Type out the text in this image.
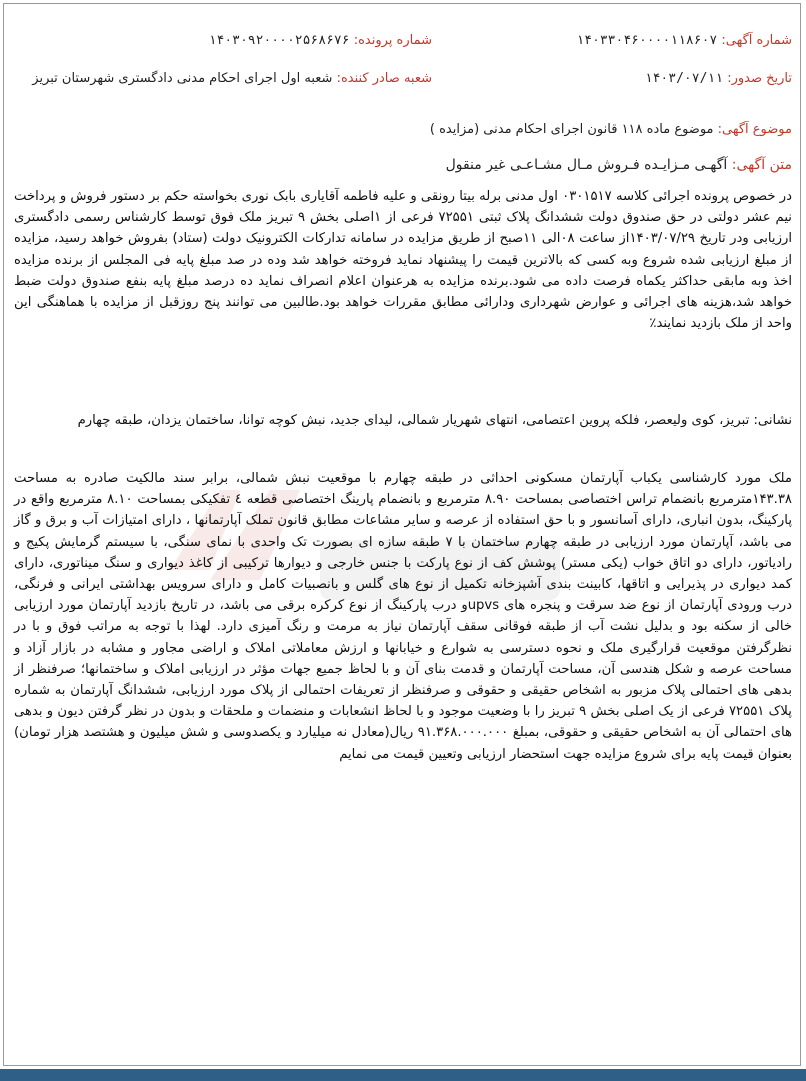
شماره آگهی: ۱۴۰۳۳۰۴۶۰۰۰۰۱۱۸۶۰۷
شماره پرونده: ۱۴۰۳۰۹۲۰۰۰۰۲۵۶۸۶۷۶
تاریخ صدور: ۱۴۰۳/۰۷/۱۱
شعبه صادر کننده: شعبه اول اجرای احکام مدنی دادگستری شهرستان تبریز
موضوع آگهی: موضوع ماده ۱۱۸ قانون اجرای احکام مدنی (مزایده )
متن آگهی: آگهـی مـزایـده فـروش مـال مشـاعـی غیر منقول
در خصوص پرونده اجرائی کلاسه ۰۳۰۱۵۱۷ اول مدنی برله بیتا رونقی و علیه فاطمه آقایاری بابک نوری بخواسته حکم بر دستور فروش و پرداخت نیم عشر دولتی در حق صندوق دولت ششدانگ پلاک ثبتی ۷۲۵۵۱ فرعی از ۱اصلی بخش ۹ تبریز ملک فوق توسط کارشناس رسمی دادگستری ارزیابی ودر تاریخ ۱۴۰۳/۰۷/۲۹از ساعت ۰۸الی ۱۱صبح از طریق مزایده در سامانه تدارکات الکترونیک دولت (ستاد) بفروش خواهد رسید، مزایده از مبلغ ارزیابی شده شروع وبه کسی که بالاترین قیمت را پیشنهاد نماید فروخته خواهد شد وده در صد مبلغ پایه فی المجلس از برنده مزایده اخذ وبه مابقی حداکثر یکماه فرصت داده می شود.برنده مزایده به هرعنوان اعلام انصراف نماید ده درصد مبلغ پایه بنفع صندوق دولت ضبط خواهد شد،هزینه های اجرائی و عوارض شهرداری ودارائی مطابق مقررات خواهد بود.طالبین می توانند پنج روزقبل از مزایده با هماهنگی این واحد از ملک بازدید نمایند٪
نشانی: تبریز، کوی ولیعصر، فلکه پروین اعتصامی، انتهای شهریار شمالی، لیدای جدید، نبش کوچه توانا، ساختمان یزدان، طبقه چهارم
ملک مورد کارشناسی یکباب آپارتمان مسکونی احداثی در طبقه چهارم با موقعیت نبش شمالی، برابر سند مالکیت صادره به مساحت ۱۴۳.۳۸مترمربع بانضمام تراس اختصاصی بمساحت ۸.۹۰ مترمربع و بانضمام پارینگ اختصاصی قطعه ٤ تفکیکی بمساحت ۸.۱۰ مترمربع واقع در پارکینگ، بدون انباری، دارای آسانسور و با حق استفاده از عرصه و سایر مشاعات مطابق قانون تملک آپارتمانها ، دارای امتیازات آب و برق و گاز می باشد، آپارتمان مورد ارزیابی در طبقه چهارم ساختمان با ۷ طبقه سازه ای بصورت تک واحدی با نمای سنگی، با سیستم گرمایش پکیج و رادیاتور، دارای دو اتاق خواب (یکی مستر) پوشش کف از نوع پارکت با جنس خارجی و دیوارها ترکیبی از کاغذ دیواری و سنگ میناتوری، دارای کمد دیواری در پذیرایی و اتاقها، کابینت بندی آشپزخانه تکمیل از نوع های گلس و بانصبیات کامل و دارای سرویس بهداشتی ایرانی و فرنگی، درب ورودی آپارتمان از نوع ضد سرقت و پنجره های upvsو درب پارکینگ از نوع کرکره برقی می باشد، در تاریخ بازدید آپارتمان مورد ارزیابی خالی از سکنه بود و بدلیل نشت آب از طبقه فوقانی سقف آپارتمان نیاز به مرمت و رنگ آمیزی دارد. لهذا با توجه به مراتب فوق و با در نظرگرفتن موقعیت قرارگیری ملک و نحوه دسترسی به شوارع و خیابانها و ارزش معاملاتی املاک و اراضی مجاور و مشابه در بازار آزاد و مساحت عرصه و شکل هندسی آن، مساحت آپارتمان و قدمت بنای آن و با لحاظ جمیع جهات مؤثر در ارزیابی املاک و ساختمانها؛ صرفنظر از بدهی های احتمالی پلاک مزبور به اشخاص حقیقی و حقوقی و صرفنظر از تعریفات احتمالی از پلاک مورد ارزیابی، ششدانگ آپارتمان به شماره پلاک ۷۲۵۵۱ فرعی از یک اصلی بخش ۹ تبریز را با وضعیت موجود و با لحاظ انشعابات و منضمات و ملحقات و بدون در نظر گرفتن دیون و بدهی های احتمالی آن به اشخاص حقیقی و حقوقی، بمبلغ ۹۱.۳۶۸.۰۰۰.۰۰۰ ریال(معادل نه میلیارد و یکصدوسی و شش میلیون و هشتصد هزار تومان) بعنوان قیمت پایه برای شروع مزایده جهت استحضار ارزیابی وتعیین قیمت می نمایم
